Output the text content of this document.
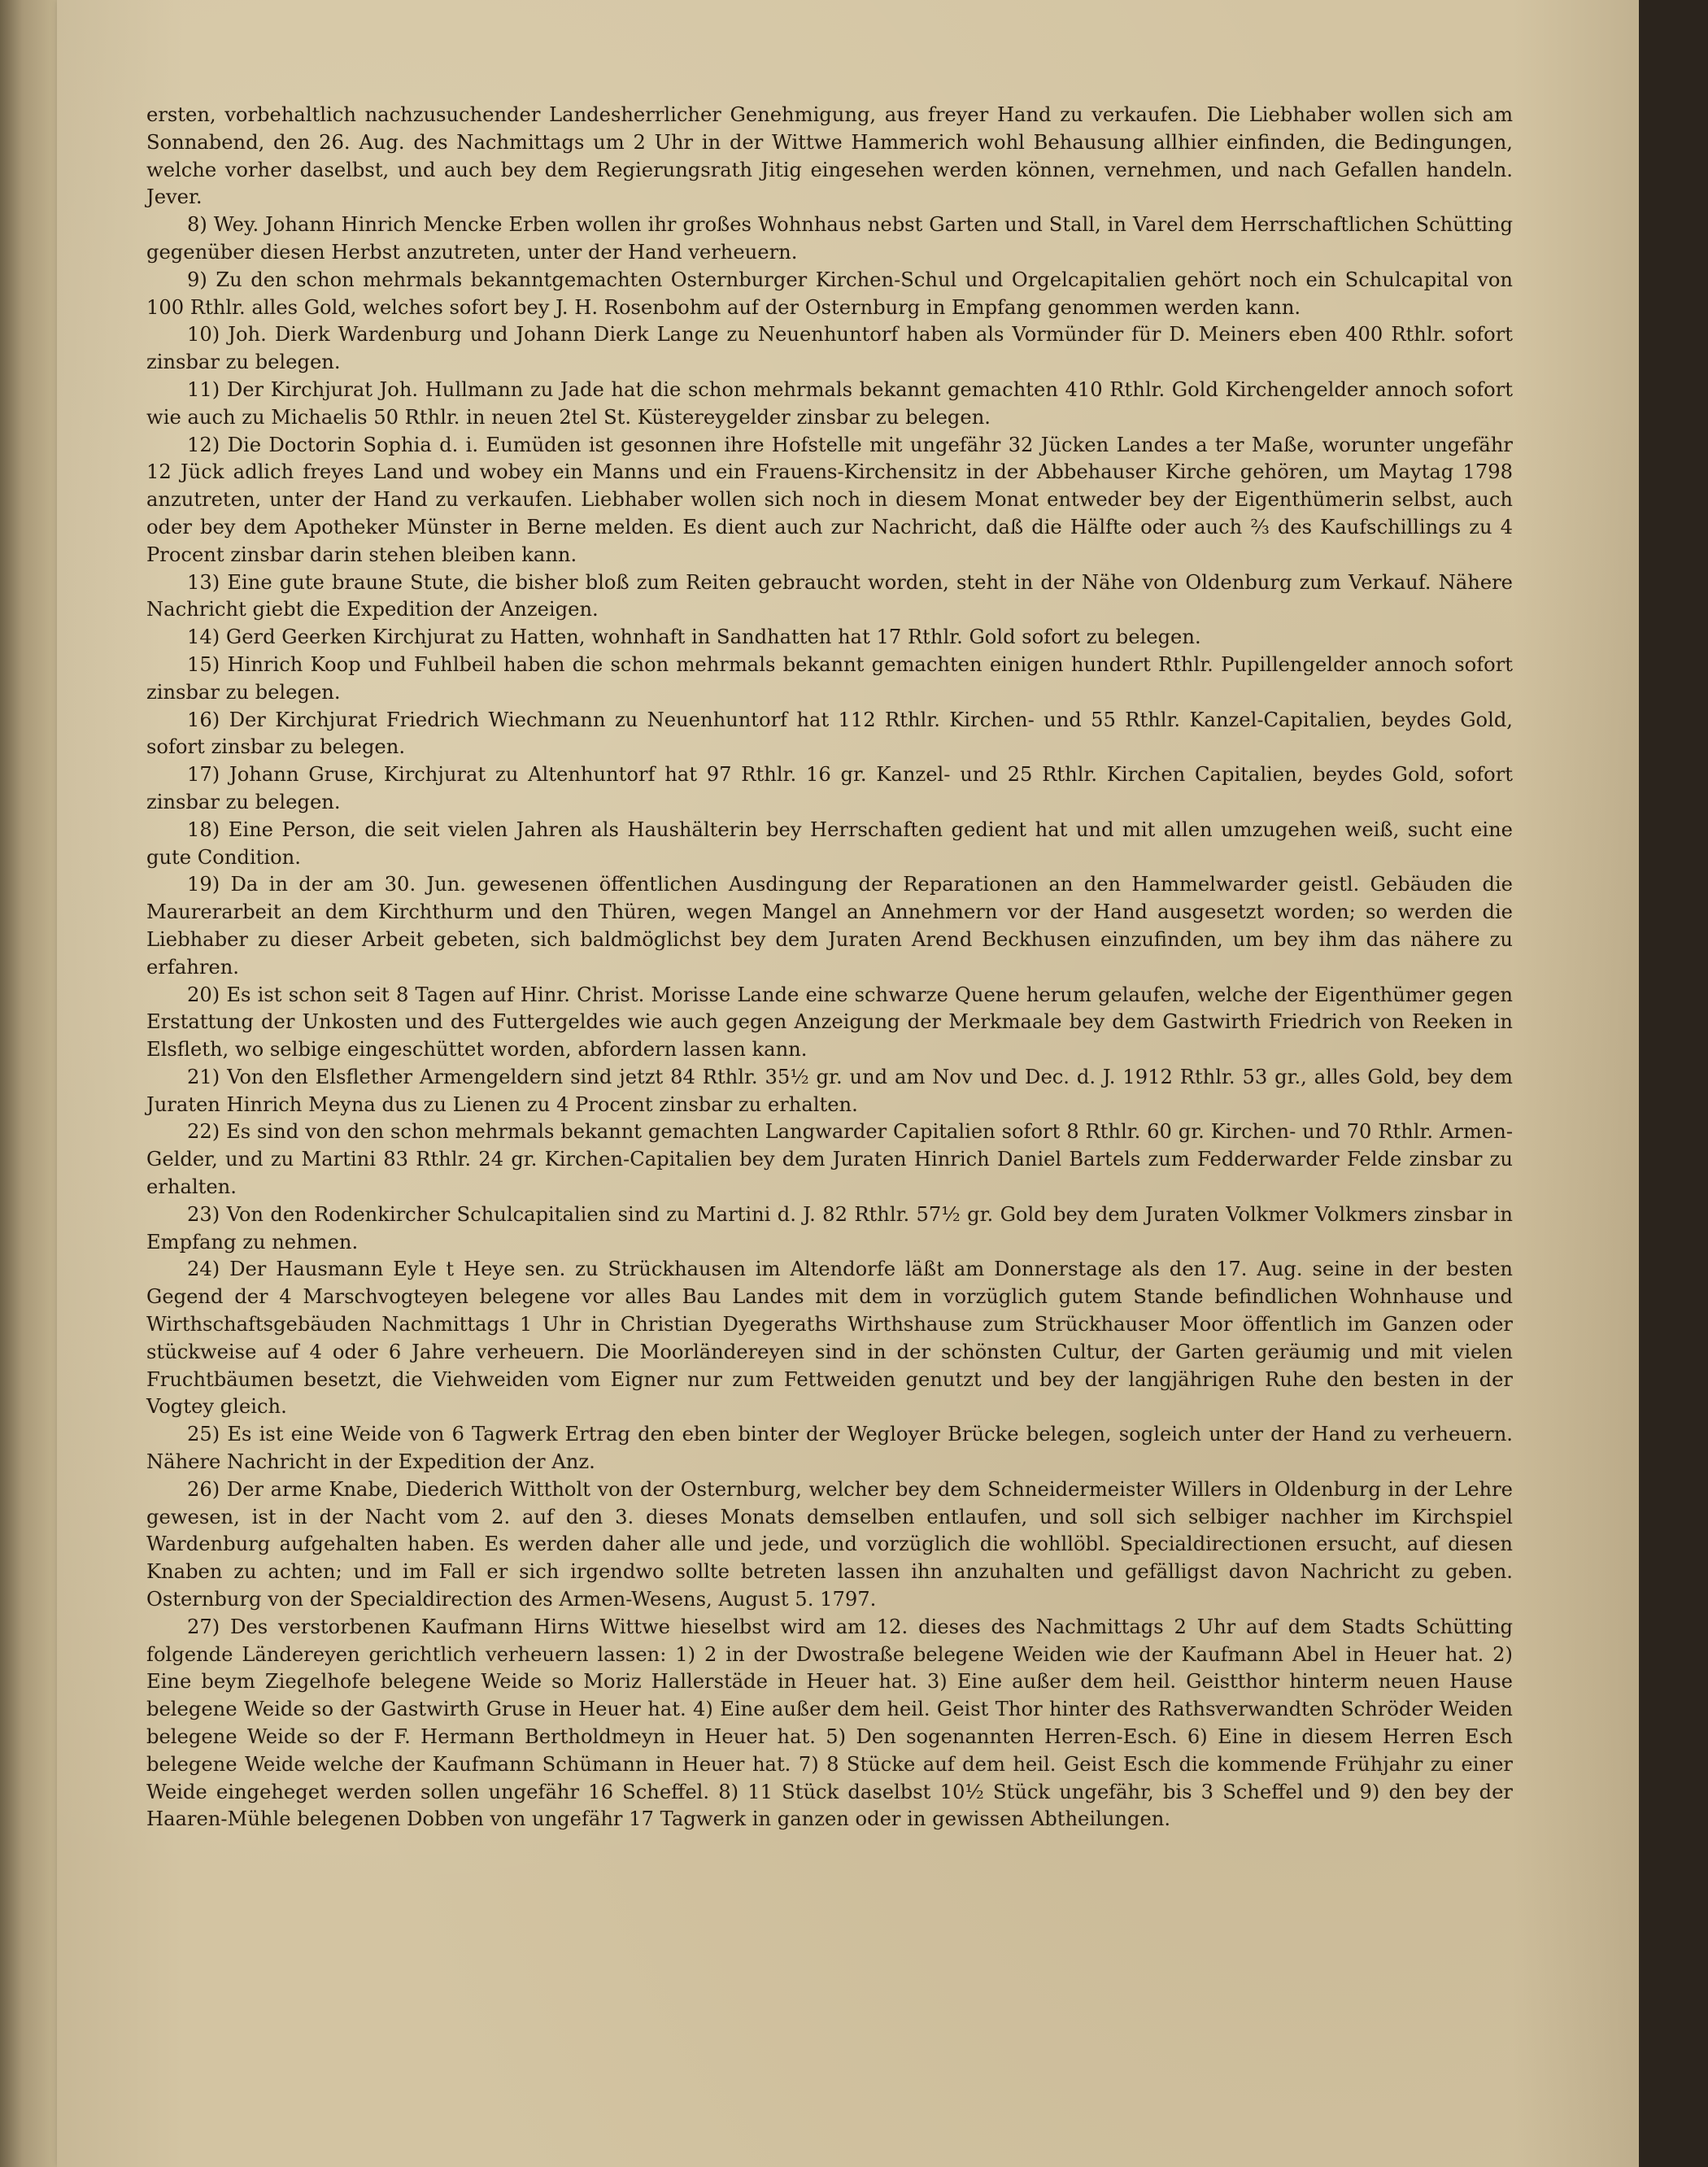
ersten, vorbehaltlich nachzusuchender Landesherrlicher Genehmigung, aus freyer Hand zu verkaufen. Die Liebhaber wollen sich am Sonnabend, den 26. Aug. des Nachmittags um 2 Uhr in der Wittwe Hammerich wohl Behausung allhier einfinden, die Bedingungen, welche vorher daselbst, und auch bey dem Regierungsrath Jitig eingesehen werden können, vernehmen, und nach Gefallen handeln. Jever.

8) Wey. Johann Hinrich Mencke Erben wollen ihr großes Wohnhaus nebst Garten und Stall, in Varel dem Herrschaftlichen Schütting gegenüber diesen Herbst anzutreten, unter der Hand verheuern.

9) Zu den schon mehrmals bekanntgemachten Osternburger Kirchen-Schul und Orgelcapitalien gehört noch ein Schulcapital von 100 Rthlr. alles Gold, welches sofort bey J. H. Rosenbohm auf der Osternburg in Empfang genommen werden kann.

10) Joh. Dierk Wardenburg und Johann Dierk Lange zu Neuenhuntorf haben als Vormünder für D. Meiners eben 400 Rthlr. sofort zinsbar zu belegen.

11) Der Kirchjurat Joh. Hullmann zu Jade hat die schon mehrmals bekannt gemachten 410 Rthlr. Gold Kirchengelder annoch sofort wie auch zu Michaelis 50 Rthlr. in neuen 2tel St. Küstereygelder zinsbar zu belegen.

12) Die Doctorin Sophia d. i. Eumüden ist gesonnen ihre Hofstelle mit ungefähr 32 Jücken Landes a ter Maße, worunter ungefähr 12 Jück adlich freyes Land und wobey ein Manns und ein Frauens-Kirchensitz in der Abbehauser Kirche gehören, um Maytag 1798 anzutreten, unter der Hand zu verkaufen. Liebhaber wollen sich noch in diesem Monat entweder bey der Eigenthümerin selbst, auch oder bey dem Apotheker Münster in Berne melden. Es dient auch zur Nachricht, daß die Hälfte oder auch ⅔ des Kaufschillings zu 4 Procent zinsbar darin stehen bleiben kann.

13) Eine gute braune Stute, die bisher bloß zum Reiten gebraucht worden, steht in der Nähe von Oldenburg zum Verkauf. Nähere Nachricht giebt die Expedition der Anzeigen.

14) Gerd Geerken Kirchjurat zu Hatten, wohnhaft in Sandhatten hat 17 Rthlr. Gold sofort zu belegen.

15) Hinrich Koop und Fuhlbeil haben die schon mehrmals bekannt gemachten einigen hundert Rthlr. Pupillengelder annoch sofort zinsbar zu belegen.

16) Der Kirchjurat Friedrich Wiechmann zu Neuenhuntorf hat 112 Rthlr. Kirchen- und 55 Rthlr. Kanzel-Capitalien, beydes Gold, sofort zinsbar zu belegen.

17) Johann Gruse, Kirchjurat zu Altenhuntorf hat 97 Rthlr. 16 gr. Kanzel- und 25 Rthlr. Kirchen Capitalien, beydes Gold, sofort zinsbar zu belegen.

18) Eine Person, die seit vielen Jahren als Haushälterin bey Herrschaften gedient hat und mit allen umzugehen weiß, sucht eine gute Condition.

19) Da in der am 30. Jun. gewesenen öffentlichen Ausdingung der Reparationen an den Hammelwarder geistl. Gebäuden die Maurerarbeit an dem Kirchthurm und den Thüren, wegen Mangel an Annehmern vor der Hand ausgesetzt worden; so werden die Liebhaber zu dieser Arbeit gebeten, sich baldmöglichst bey dem Juraten Arend Beckhusen einzufinden, um bey ihm das nähere zu erfahren.

20) Es ist schon seit 8 Tagen auf Hinr. Christ. Morisse Lande eine schwarze Quene herum gelaufen, welche der Eigenthümer gegen Erstattung der Unkosten und des Futtergeldes wie auch gegen Anzeigung der Merkmaale bey dem Gastwirth Friedrich von Reeken in Elsfleth, wo selbige eingeschüttet worden, abfordern lassen kann.

21) Von den Elsflether Armengeldern sind jetzt 84 Rthlr. 35½ gr. und am Nov und Dec. d. J. 1912 Rthlr. 53 gr., alles Gold, bey dem Juraten Hinrich Meyna dus zu Lienen zu 4 Procent zinsbar zu erhalten.

22) Es sind von den schon mehrmals bekannt gemachten Langwarder Capitalien sofort 8 Rthlr. 60 gr. Kirchen- und 70 Rthlr. Armen-Gelder, und zu Martini 83 Rthlr. 24 gr. Kirchen-Capitalien bey dem Juraten Hinrich Daniel Bartels zum Fedderwarder Felde zinsbar zu erhalten.

23) Von den Rodenkircher Schulcapitalien sind zu Martini d. J. 82 Rthlr. 57½ gr. Gold bey dem Juraten Volkmer Volkmers zinsbar in Empfang zu nehmen.

24) Der Hausmann Eyle t Heye sen. zu Strückhausen im Altendorfe läßt am Donnerstage als den 17. Aug. seine in der besten Gegend der 4 Marschvogteyen belegene vor alles Bau Landes mit dem in vorzüglich gutem Stande befindlichen Wohnhause und Wirthschaftsgebäuden Nachmittags 1 Uhr in Christian Dyegeraths Wirthshause zum Strückhauser Moor öffentlich im Ganzen oder stückweise auf 4 oder 6 Jahre verheuern. Die Moorländereyen sind in der schönsten Cultur, der Garten geräumig und mit vielen Fruchtbäumen besetzt, die Viehweiden vom Eigner nur zum Fettweiden genutzt und bey der langjährigen Ruhe den besten in der Vogtey gleich.

25) Es ist eine Weide von 6 Tagwerk Ertrag den eben binter der Wegloyer Brücke belegen, sogleich unter der Hand zu verheuern. Nähere Nachricht in der Expedition der Anz.

26) Der arme Knabe, Diederich Wittholt von der Osternburg, welcher bey dem Schneidermeister Willers in Oldenburg in der Lehre gewesen, ist in der Nacht vom 2. auf den 3. dieses Monats demselben entlaufen, und soll sich selbiger nachher im Kirchspiel Wardenburg aufgehalten haben. Es werden daher alle und jede, und vorzüglich die wohllöbl. Specialdirectionen ersucht, auf diesen Knaben zu achten; und im Fall er sich irgendwo sollte betreten lassen ihn anzuhalten und gefälligst davon Nachricht zu geben. Osternburg von der Specialdirection des Armen-Wesens, August 5. 1797.

27) Des verstorbenen Kaufmann Hirns Wittwe hieselbst wird am 12. dieses des Nachmittags 2 Uhr auf dem Stadts Schütting folgende Ländereyen gerichtlich verheuern lassen: 1) 2 in der Dwostraße belegene Weiden wie der Kaufmann Abel in Heuer hat. 2) Eine beym Ziegelhofe belegene Weide so Moriz Hallerstäde in Heuer hat. 3) Eine außer dem heil. Geistthor hinterm neuen Hause belegene Weide so der Gastwirth Gruse in Heuer hat. 4) Eine außer dem heil. Geist Thor hinter des Rathsverwandten Schröder Weiden belegene Weide so der F. Hermann Bertholdmeyn in Heuer hat. 5) Den sogenannten Herren-Esch. 6) Eine in diesem Herren Esch belegene Weide welche der Kaufmann Schümann in Heuer hat. 7) 8 Stücke auf dem heil. Geist Esch die kommende Frühjahr zu einer Weide eingeheget werden sollen ungefähr 16 Scheffel. 8) 11 Stück daselbst 10½ Stück ungefähr, bis 3 Scheffel und 9) den bey der Haaren-Mühle belegenen Dobben von ungefähr 17 Tagwerk in ganzen oder in gewissen Abtheilungen.
